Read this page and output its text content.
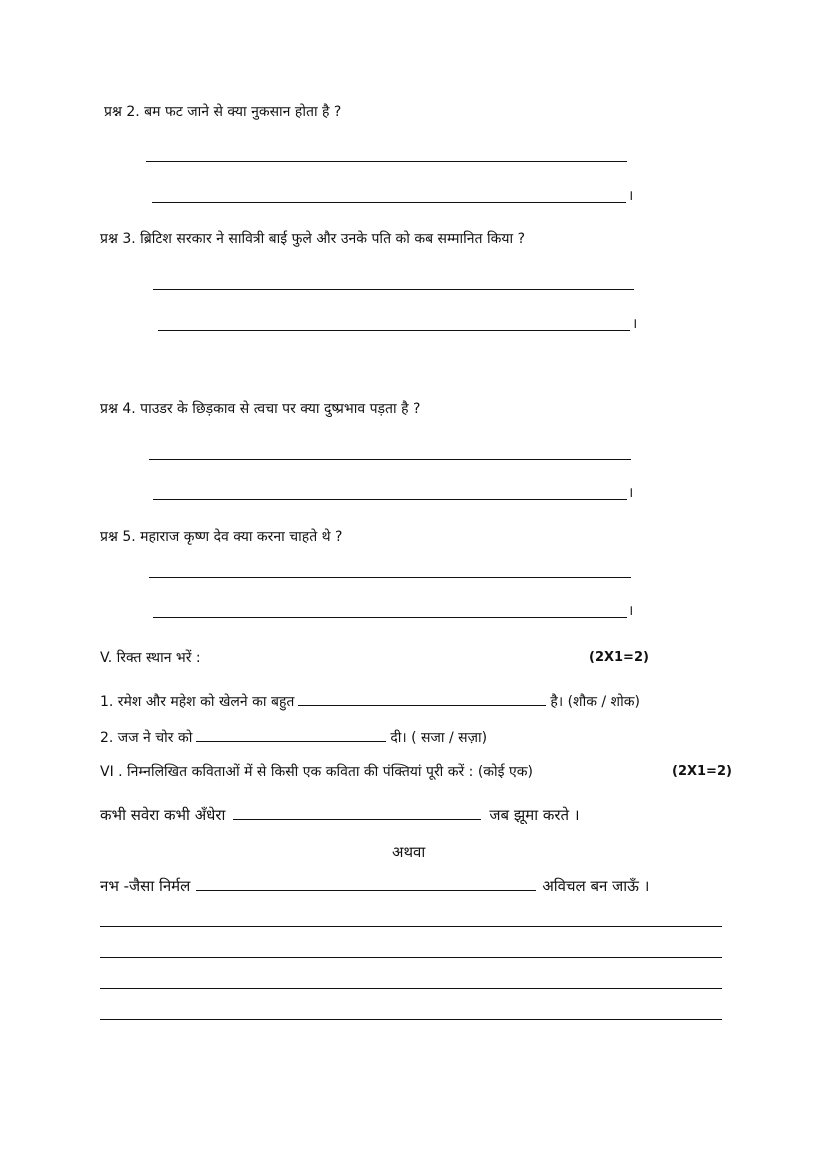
प्रश्न 2. बम फट जाने से क्या नुकसान होता है ?
।
प्रश्न 3. ब्रिटिश सरकार ने सावित्री बाई फुले और उनके पति को कब सम्मानित किया ?
।
प्रश्न 4. पाउडर के छिड़काव से त्वचा पर क्या दुष्प्रभाव पड़ता है ?
।
प्रश्न 5. महाराज कृष्ण देव क्या करना चाहते थे ?
।
V. रिक्त स्थान भरें :	(2X1=2)
1. रमेश और महेश को खेलने का बहुत	है। (शौक / शोक)
2. जज ने चोर को	दी। ( सजा / सज़ा)
VI . निम्नलिखित कविताओं में से किसी एक कविता की पंक्तियां पूरी करें : (कोई एक)	(2X1=2)
कभी सवेरा कभी अँधेरा	जब झूमा करते ।
अथवा
नभ -जैसा निर्मल	अविचल बन जाऊँ ।
